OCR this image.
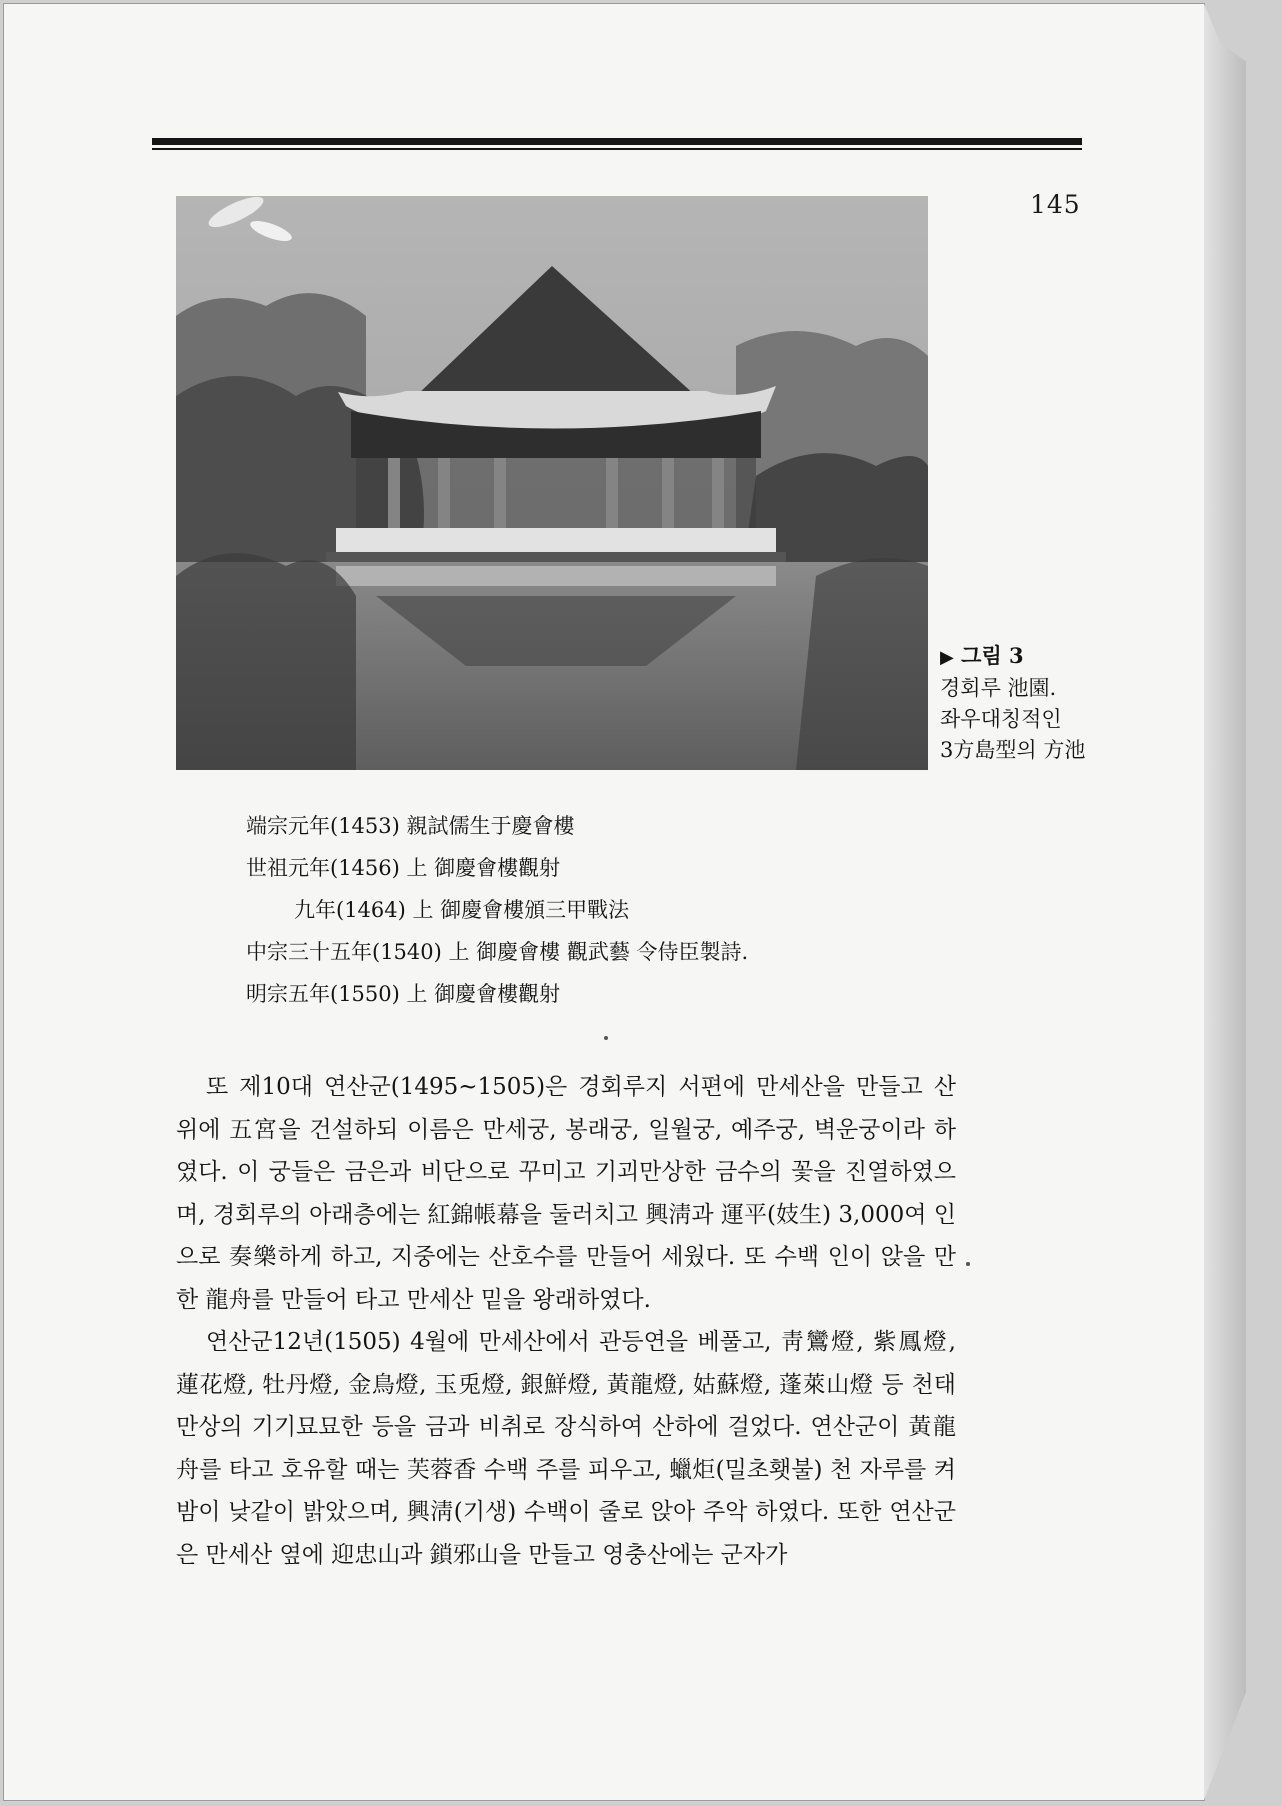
145
▶ 그림 3
경회루 池園.
좌우대칭적인
3方島型의 方池
端宗元年(1453) 親試儒生于慶會樓
世祖元年(1456) 上 御慶會樓觀射
九年(1464) 上 御慶會樓頒三甲戰法
中宗三十五年(1540) 上 御慶會樓 觀武藝 令侍臣製詩.
明宗五年(1550) 上 御慶會樓觀射

또 제10대 연산군(1495~1505)은 경회루지 서편에 만세산을 만들고 산 위에 五宮을 건설하되 이름은 만세궁, 봉래궁, 일월궁, 예주궁, 벽운궁이라 하였다. 이 궁들은 금은과 비단으로 꾸미고 기괴만상한 금수의 꽃을 진열하였으며, 경회루의 아래층에는 紅錦帳幕을 둘러치고 興淸과 運平(妓生) 3,000여 인으로 奏樂하게 하고, 지중에는 산호수를 만들어 세웠다. 또 수백 인이 앉을 만한 龍舟를 만들어 타고 만세산 밑을 왕래하였다.

연산군12년(1505) 4월에 만세산에서 관등연을 베풀고, 靑鸞燈, 紫鳳燈, 蓮花燈, 牡丹燈, 金鳥燈, 玉兎燈, 銀鮮燈, 黃龍燈, 姑蘇燈, 蓬萊山燈 등 천태만상의 기기묘묘한 등을 금과 비취로 장식하여 산하에 걸었다. 연산군이 黃龍舟를 타고 호유할 때는 芙蓉香 수백 주를 피우고, 蠟炬(밀초횃불) 천 자루를 켜 밤이 낮같이 밝았으며, 興淸(기생) 수백이 줄로 앉아 주악 하였다. 또한 연산군은 만세산 옆에 迎忠山과 鎖邪山을 만들고 영충산에는 군자가
